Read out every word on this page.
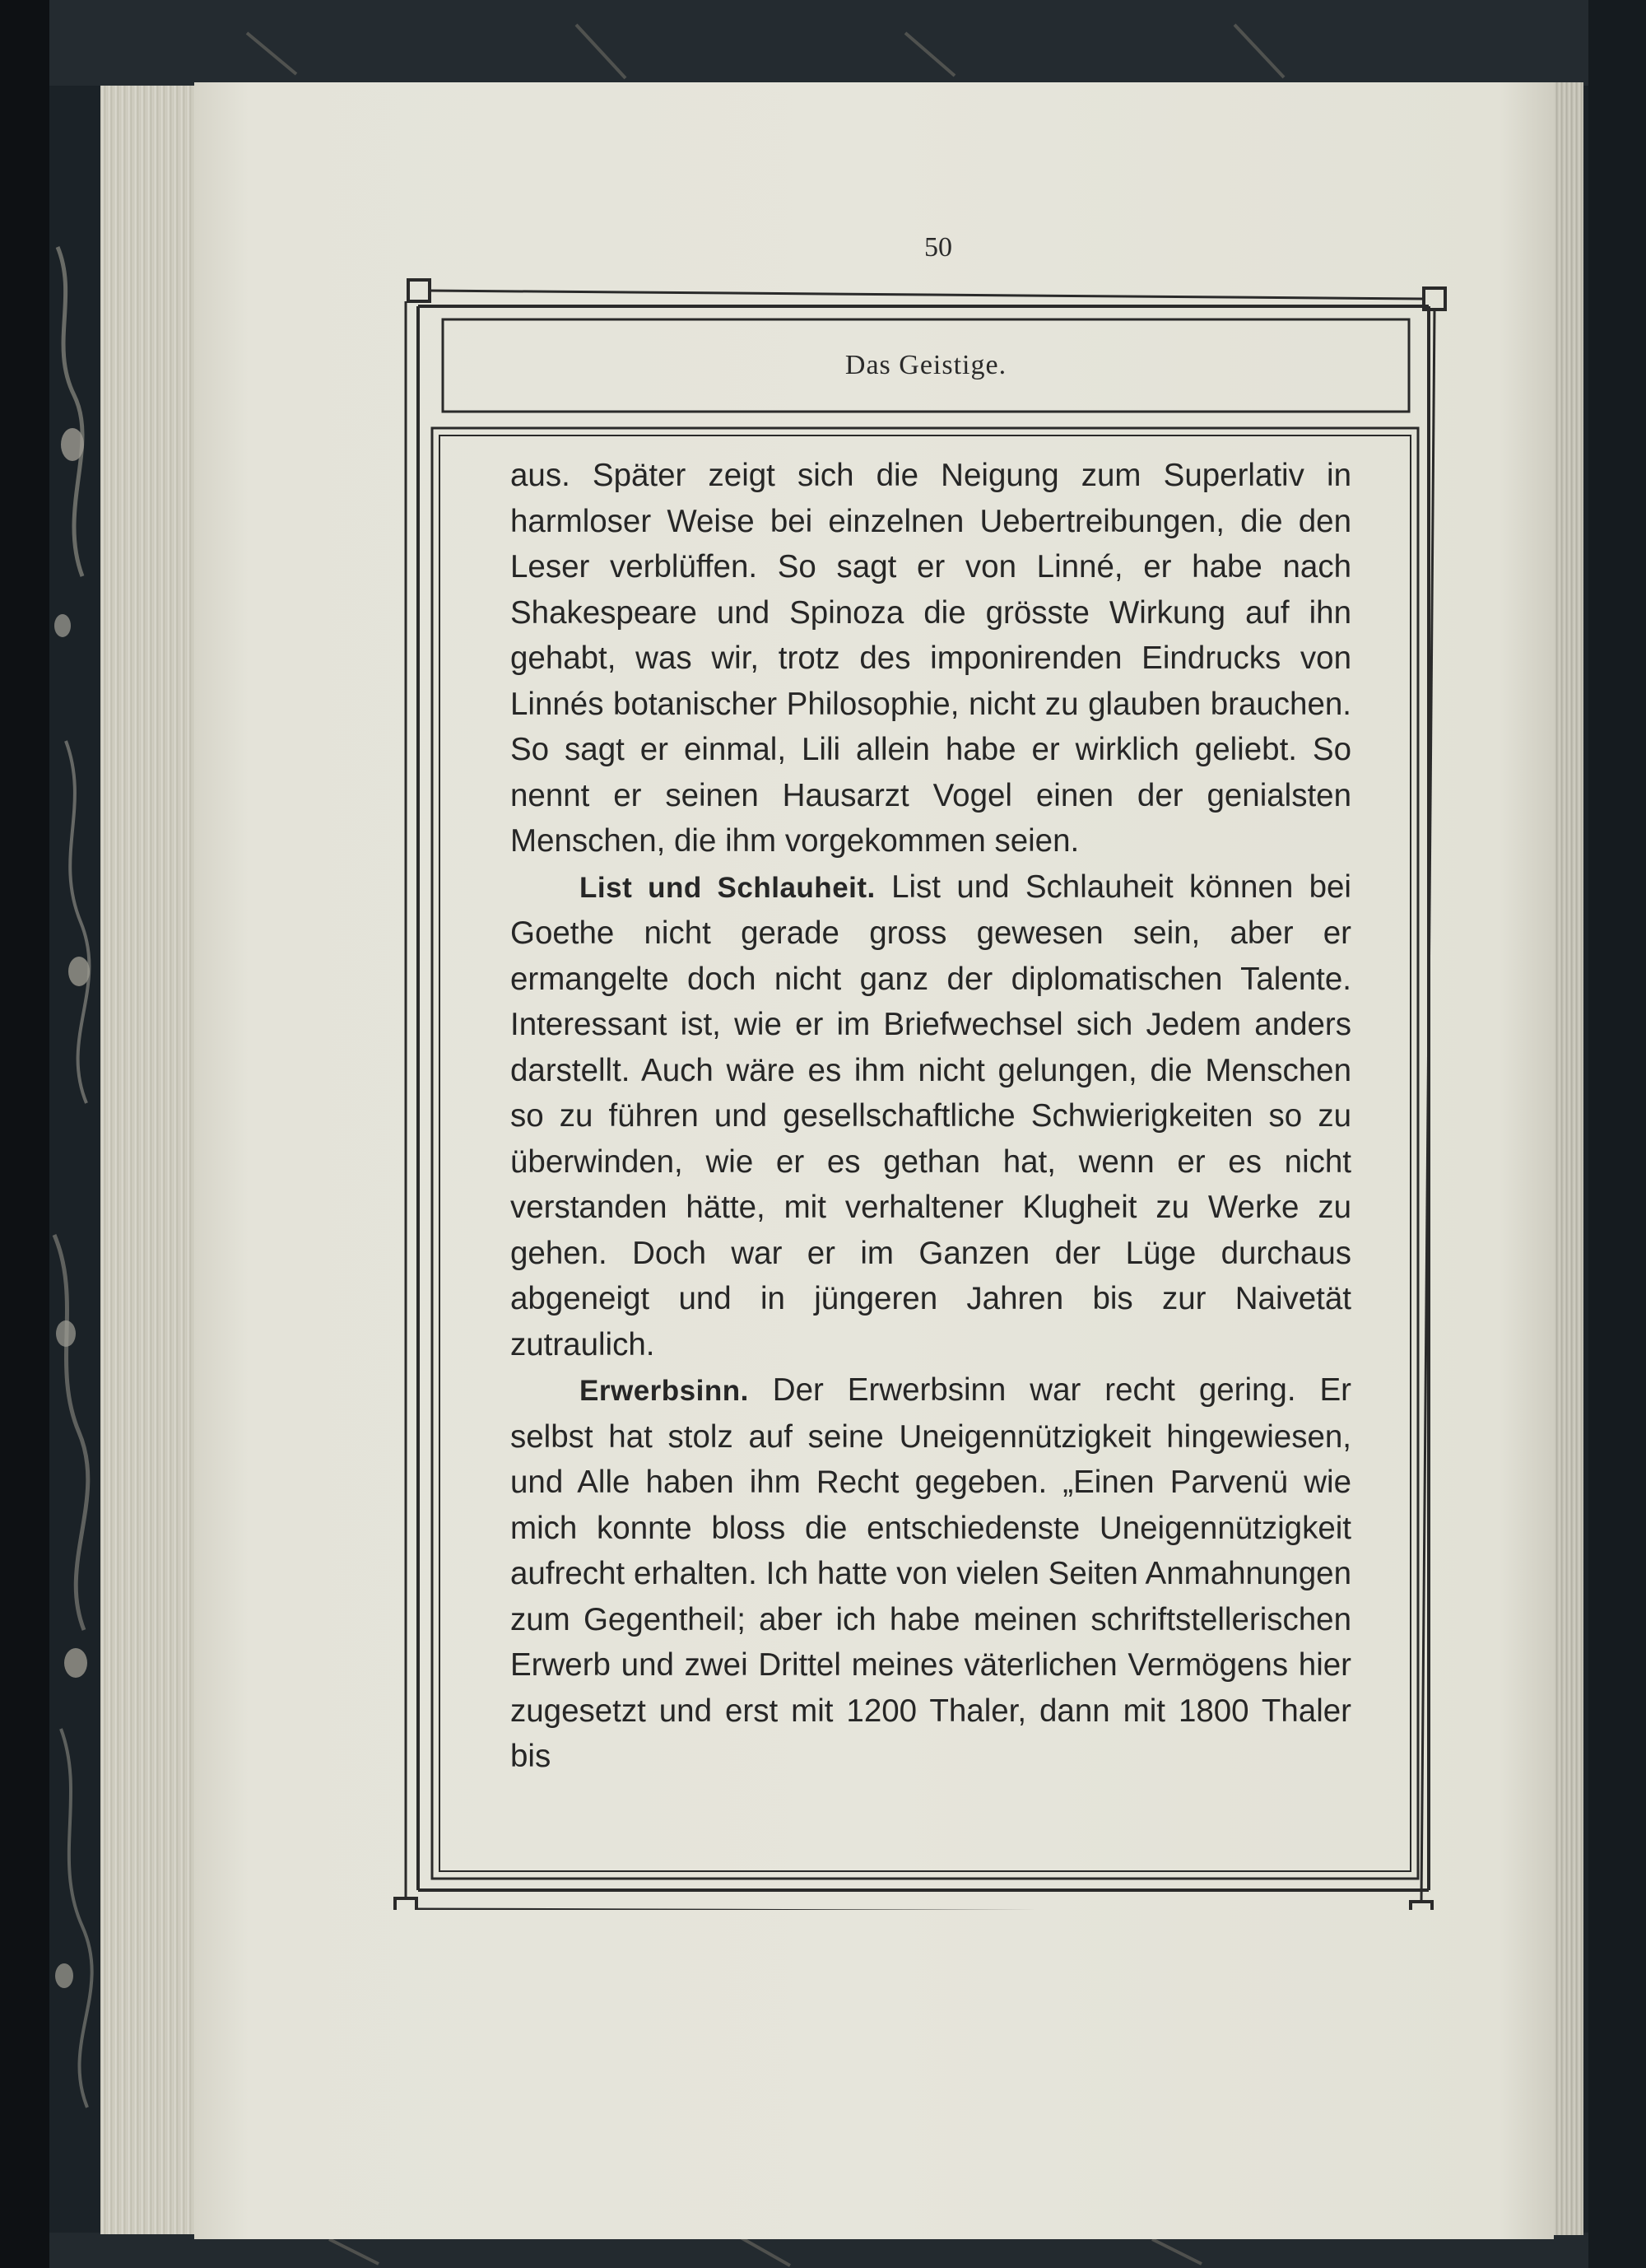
50
Das Geistige.

aus. Später zeigt sich die Neigung zum Superlativ in harmloser Weise bei einzelnen Uebertreibungen, die den Leser verblüffen. So sagt er von Linné, er habe nach Shakespeare und Spinoza die grösste Wirkung auf ihn gehabt, was wir, trotz des imponirenden Eindrucks von Linnés botanischer Philosophie, nicht zu glauben brauchen. So sagt er einmal, Lili allein habe er wirklich geliebt. So nennt er seinen Hausarzt Vogel einen der genialsten Menschen, die ihm vorgekommen seien.

List und Schlauheit. List und Schlauheit können bei Goethe nicht gerade gross gewesen sein, aber er ermangelte doch nicht ganz der diplomatischen Talente. Interessant ist, wie er im Briefwechsel sich Jedem anders darstellt. Auch wäre es ihm nicht gelungen, die Menschen so zu führen und gesellschaftliche Schwierigkeiten so zu überwinden, wie er es gethan hat, wenn er es nicht verstanden hätte, mit verhaltener Klugheit zu Werke zu gehen. Doch war er im Ganzen der Lüge durchaus abgeneigt und in jüngeren Jahren bis zur Naivetät zutraulich.

Erwerbsinn. Der Erwerbsinn war recht gering. Er selbst hat stolz auf seine Uneigennützigkeit hingewiesen, und Alle haben ihm Recht gegeben. „Einen Parvenü wie mich konnte bloss die entschiedenste Uneigennützigkeit aufrecht erhalten. Ich hatte von vielen Seiten Anmahnungen zum Gegentheil; aber ich habe meinen schriftstellerischen Erwerb und zwei Drittel meines väterlichen Vermögens hier zugesetzt und erst mit 1200 Thaler, dann mit 1800 Thaler bis
